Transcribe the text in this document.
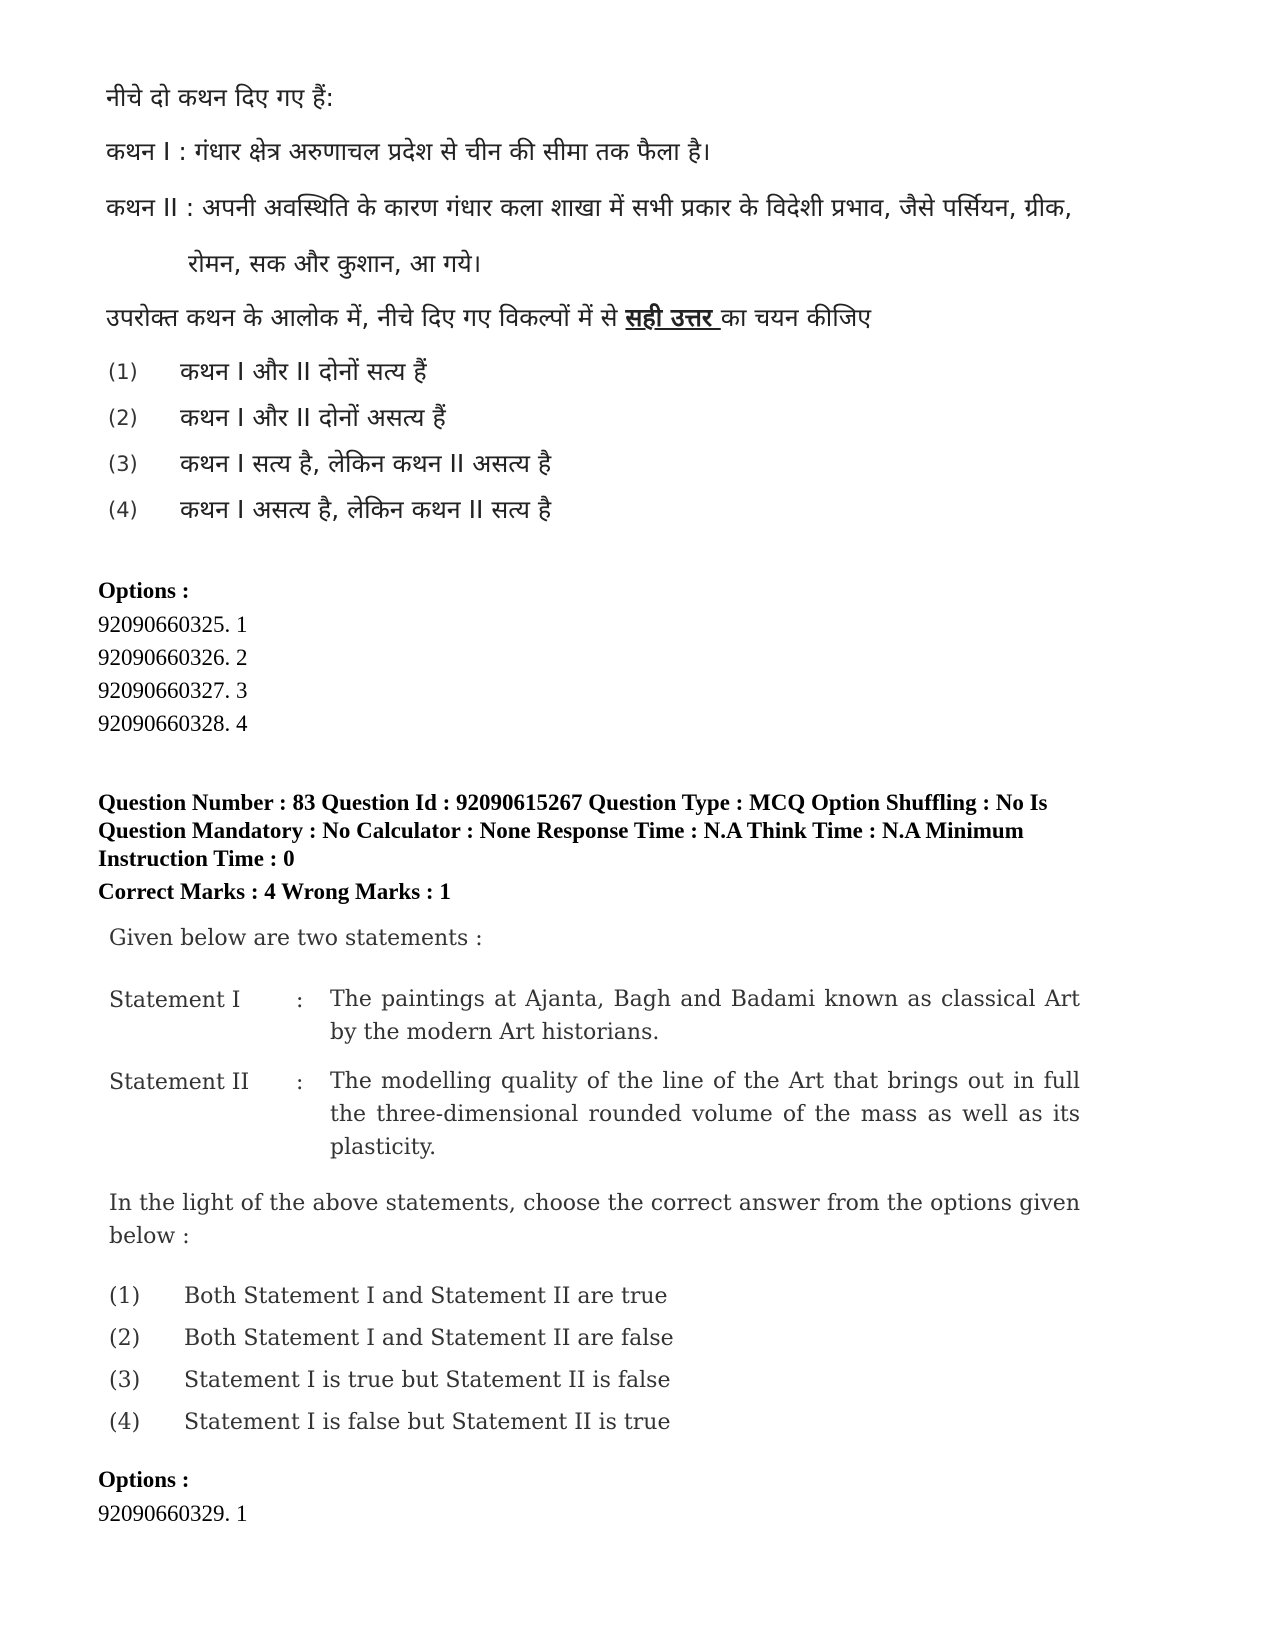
नीचे दो कथन दिए गए हैं:
कथन I : गंधार क्षेत्र अरुणाचल प्रदेश से चीन की सीमा तक फैला है।
कथन II : अपनी अवस्थिति के कारण गंधार कला शाखा में सभी प्रकार के विदेशी प्रभाव, जैसे पर्सियन, ग्रीक,
रोमन, सक और कुशान, आ गये।
उपरोक्त कथन के आलोक में, नीचे दिए गए विकल्पों में से सही उत्तर का चयन कीजिए
(1) कथन I और II दोनों सत्य हैं
(2) कथन I और II दोनों असत्य हैं
(3) कथन I सत्य है, लेकिन कथन II असत्य है
(4) कथन I असत्य है, लेकिन कथन II सत्य है
Options :
92090660325. 1
92090660326. 2
92090660327. 3
92090660328. 4
Question Number : 83 Question Id : 92090615267 Question Type : MCQ Option Shuffling : No Is
Question Mandatory : No Calculator : None Response Time : N.A Think Time : N.A Minimum
Instruction Time : 0
Correct Marks : 4 Wrong Marks : 1
Given below are two statements :
Statement I	: The paintings at Ajanta, Bagh and Badami known as classical Art by the modern Art historians.
Statement II : The modelling quality of the line of the Art that brings out in full the three-dimensional rounded volume of the mass as well as its plasticity.
In the light of the above statements, choose the correct answer from the options given below :
(1) Both Statement I and Statement II are true
(2) Both Statement I and Statement II are false
(3) Statement I is true but Statement II is false
(4) Statement I is false but Statement II is true
Options :
92090660329. 1
